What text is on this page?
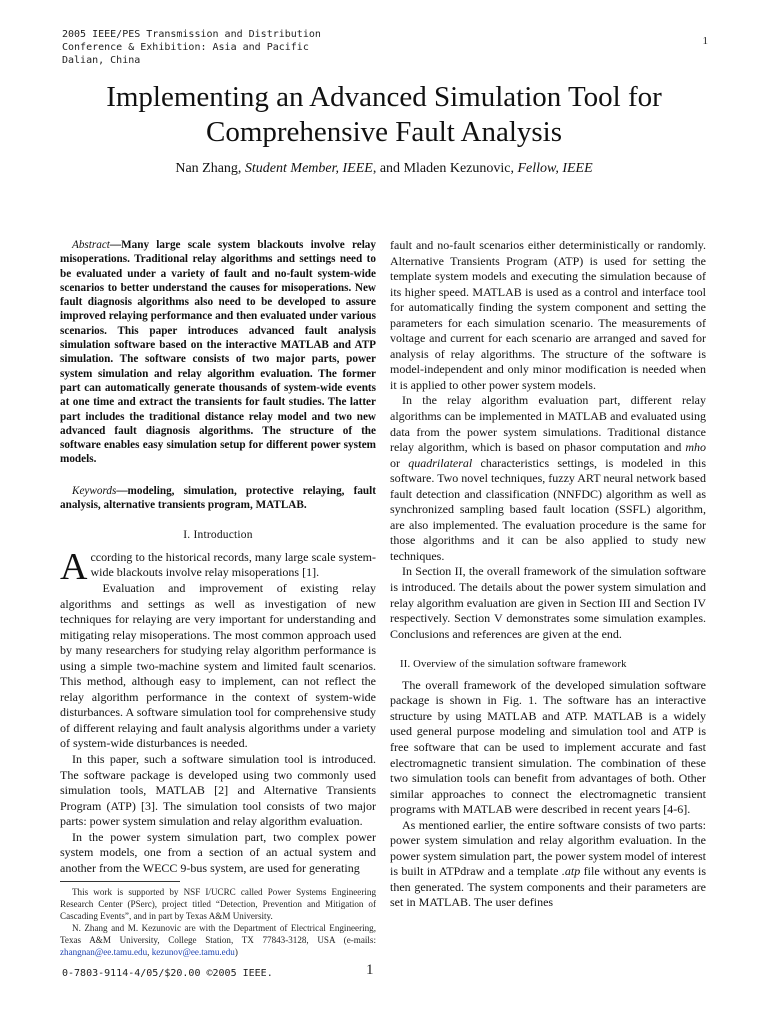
2005 IEEE/PES Transmission and Distribution
Conference & Exhibition: Asia and Pacific
Dalian, China
1
Implementing an Advanced Simulation Tool for
Comprehensive Fault Analysis
Nan Zhang, Student Member, IEEE, and Mladen Kezunovic, Fellow, IEEE

Abstract—Many large scale system blackouts involve relay misoperations. Traditional relay algorithms and settings need to be evaluated under a variety of fault and no-fault system-wide scenarios to better understand the causes for misoperations. New fault diagnosis algorithms also need to be developed to assure improved relaying performance and then evaluated under various scenarios. This paper introduces advanced fault analysis simulation software based on the interactive MATLAB and ATP simulation. The software consists of two major parts, power system simulation and relay algorithm evaluation. The former part can automatically generate thousands of system-wide events at one time and extract the transients for fault studies. The latter part includes the traditional distance relay model and two new advanced fault diagnosis algorithms. The structure of the software enables easy simulation setup for different power system models.

Keywords—modeling, simulation, protective relaying, fault analysis, alternative transients program, MATLAB.

I. Introduction

According to the historical records, many large scale system-wide blackouts involve relay misoperations [1].

Evaluation and improvement of existing relay algorithms and settings as well as investigation of new techniques for relaying are very important for understanding and mitigating relay misoperations. The most common approach used by many researchers for studying relay algorithm performance is using a simple two-machine system and limited fault scenarios. This method, although easy to implement, can not reflect the relay algorithm performance in the context of system-wide disturbances. A software simulation tool for comprehensive study of different relaying and fault analysis algorithms under a variety of system-wide disturbances is needed.

In this paper, such a software simulation tool is introduced. The software package is developed using two commonly used simulation tools, MATLAB [2] and Alternative Transients Program (ATP) [3]. The simulation tool consists of two major parts: power system simulation and relay algorithm evaluation.

In the power system simulation part, two complex power system models, one from a section of an actual system and another from the WECC 9-bus system, are used for generating

fault and no-fault scenarios either deterministically or randomly. Alternative Transients Program (ATP) is used for setting the template system models and executing the simulation because of its higher speed. MATLAB is used as a control and interface tool for automatically finding the system component and setting the parameters for each simulation scenario. The measurements of voltage and current for each scenario are arranged and saved for analysis of relay algorithms. The structure of the software is model-independent and only minor modification is needed when it is applied to other power system models.

In the relay algorithm evaluation part, different relay algorithms can be implemented in MATLAB and evaluated using data from the power system simulations. Traditional distance relay algorithm, which is based on phasor computation and mho or quadrilateral characteristics settings, is modeled in this software. Two novel techniques, fuzzy ART neural network based fault detection and classification (NNFDC) algorithm as well as synchronized sampling based fault location (SSFL) algorithm, are also implemented. The evaluation procedure is the same for those algorithms and it can be also applied to study new techniques.

In Section II, the overall framework of the simulation software is introduced. The details about the power system simulation and relay algorithm evaluation are given in Section III and Section IV respectively. Section V demonstrates some simulation examples. Conclusions and references are given at the end.

II. Overview of the simulation software framework

The overall framework of the developed simulation software package is shown in Fig. 1. The software has an interactive structure by using MATLAB and ATP. MATLAB is a widely used general purpose modeling and simulation tool and ATP is free software that can be used to implement accurate and fast electromagnetic transient simulation. The combination of these two simulation tools can benefit from advantages of both. Other similar approaches to connect the electromagnetic transient programs with MATLAB were described in recent years [4-6].

As mentioned earlier, the entire software consists of two parts: power system simulation and relay algorithm evaluation. In the power system simulation part, the power system model of interest is built in ATPdraw and a template .atp file without any events is then generated. The system components and their parameters are set in MATLAB. The user defines

This work is supported by NSF I/UCRC called Power Systems Engineering Research Center (PSerc), project titled “Detection, Prevention and Mitigation of Cascading Events”, and in part by Texas A&M University.

N. Zhang and M. Kezunovic are with the Department of Electrical Engineering, Texas A&M University, College Station, TX 77843-3128, USA (e-mails: zhangnan@ee.tamu.edu, kezunov@ee.tamu.edu)

0-7803-9114-4/05/$20.00 ©2005 IEEE.	1
